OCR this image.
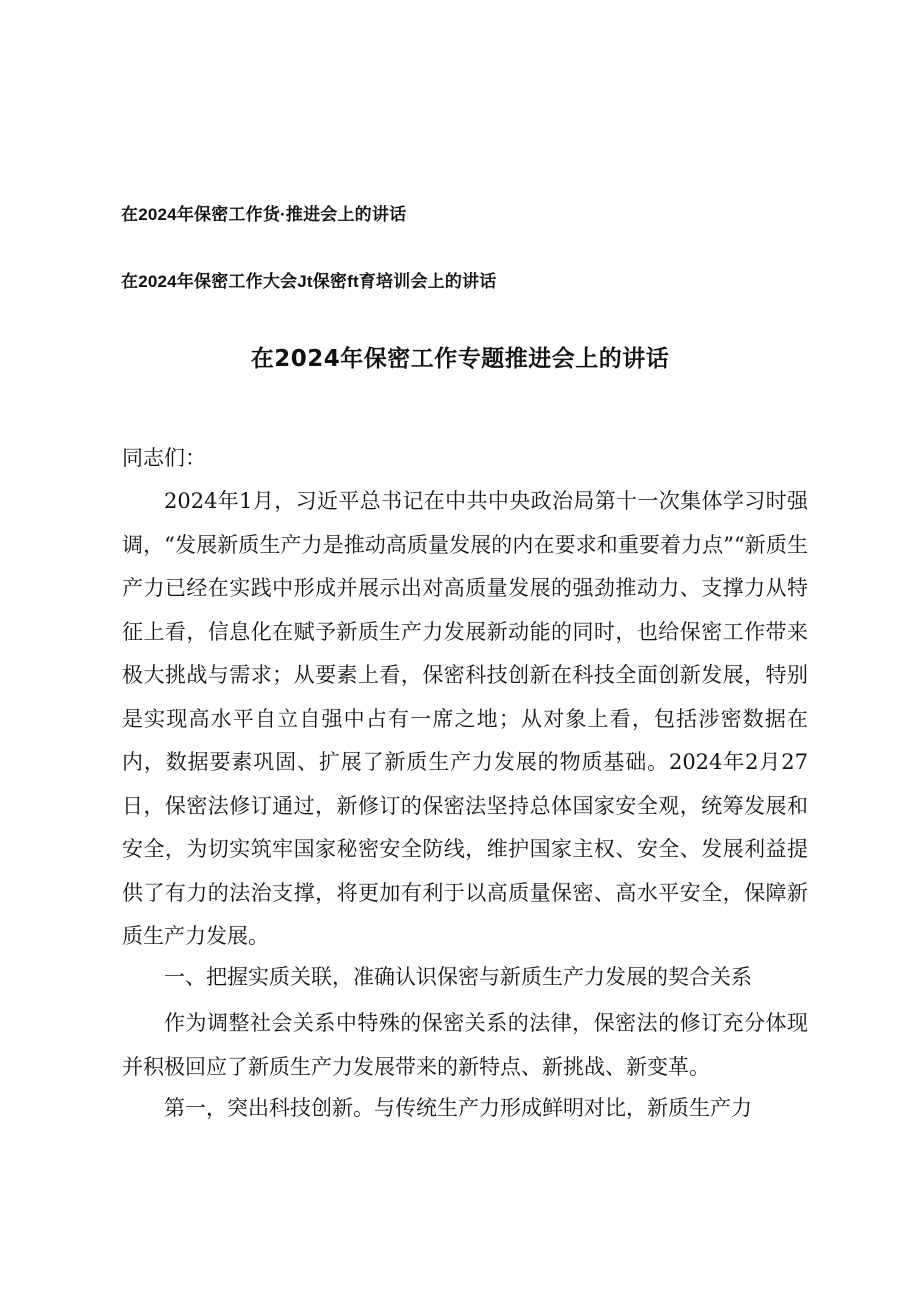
在2024年保密工作货·推进会上的讲话
在2024年保密工作大会Jt保密ft育培训会上的讲话
在2024年保密工作专题推进会上的讲话

同志们：

2024年1月，习近平总书记在中共中央政治局第十一次集体学习时强调，“发展新质生产力是推动高质量发展的内在要求和重要着力点”“新质生产力已经在实践中形成并展示出对高质量发展的强劲推动力、支撑力从特征上看，信息化在赋予新质生产力发展新动能的同时，也给保密工作带来极大挑战与需求；从要素上看，保密科技创新在科技全面创新发展，特别是实现高水平自立自强中占有一席之地；从对象上看，包括涉密数据在内，数据要素巩固、扩展了新质生产力发展的物质基础。2024年2月27日，保密法修订通过，新修订的保密法坚持总体国家安全观，统筹发展和安全，为切实筑牢国家秘密安全防线，维护国家主权、安全、发展利益提供了有力的法治支撑，将更加有利于以高质量保密、高水平安全，保障新质生产力发展。

一、把握实质关联，准确认识保密与新质生产力发展的契合关系

作为调整社会关系中特殊的保密关系的法律，保密法的修订充分体现并积极回应了新质生产力发展带来的新特点、新挑战、新变革。

第一，突出科技创新。与传统生产力形成鲜明对比，新质生产力
